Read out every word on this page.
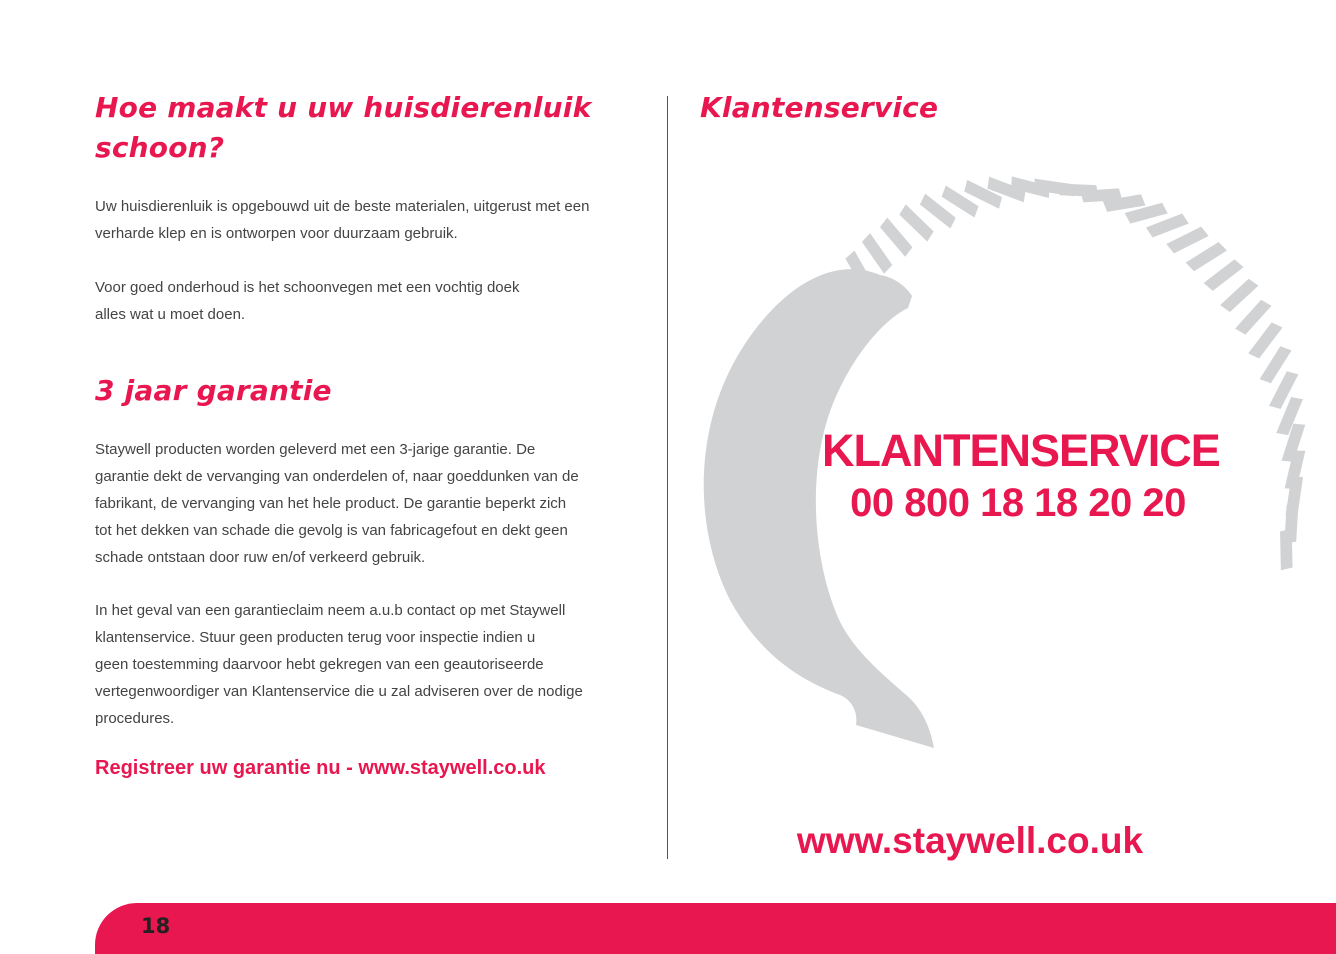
Hoe maakt u uw huisdierenluik
schoon?

Uw huisdierenluik is opgebouwd uit de beste materialen, uitgerust met een
verharde klep en is ontworpen voor duurzaam gebruik.

Voor goed onderhoud is het schoonvegen met een vochtig doek
alles wat u moet doen.

3 jaar garantie

Staywell producten worden geleverd met een 3-jarige garantie. De
garantie dekt de vervanging van onderdelen of, naar goeddunken van de
fabrikant, de vervanging van het hele product. De garantie beperkt zich
tot het dekken van schade die gevolg is van fabricagefout en dekt geen
schade ontstaan door ruw en/of verkeerd gebruik.

In het geval van een garantieclaim neem a.u.b contact op met Staywell
klantenservice. Stuur geen producten terug voor inspectie indien u
geen toestemming daarvoor hebt gekregen van een geautoriseerde
vertegenwoordiger van Klantenservice die u zal adviseren over de nodige
procedures.

Registreer uw garantie nu - www.staywell.co.uk

Klantenservice
KLANTENSERVICE
00 800 18 18 20 20
www.staywell.co.uk
18
